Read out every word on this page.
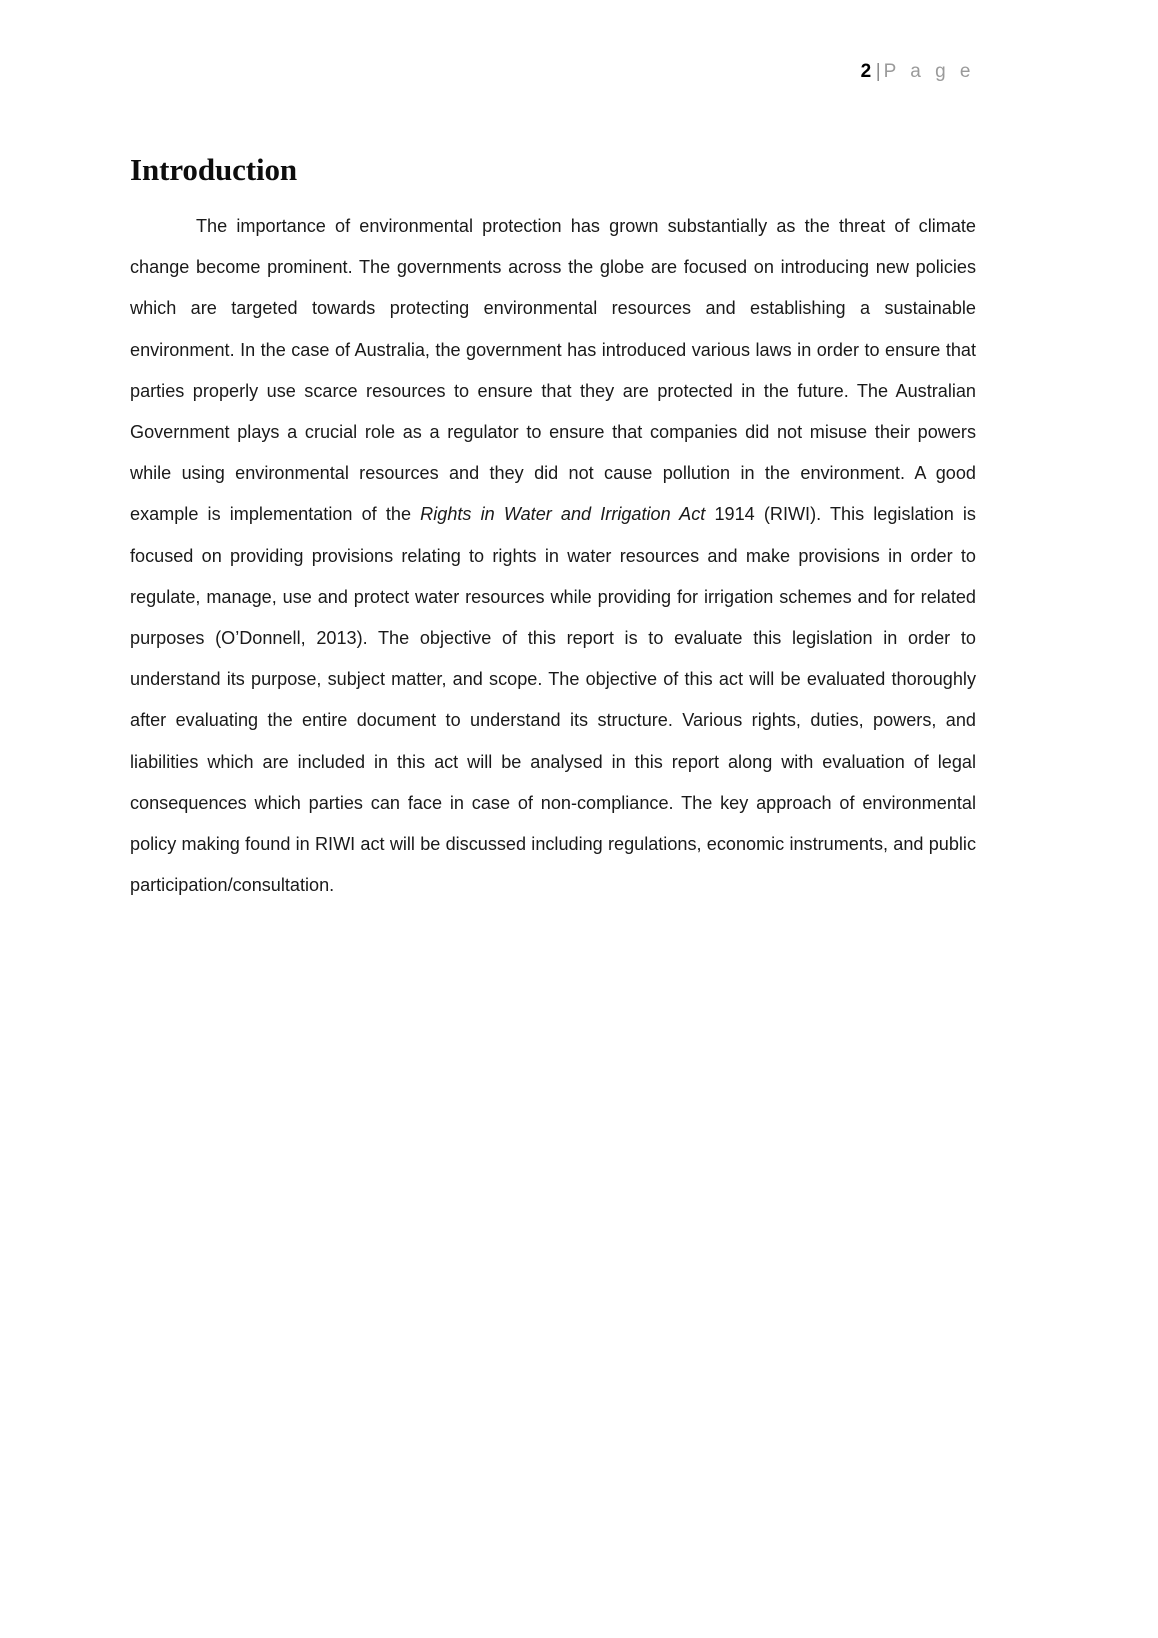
2 | P a g e
Introduction

The importance of environmental protection has grown substantially as the threat of climate change become prominent. The governments across the globe are focused on introducing new policies which are targeted towards protecting environmental resources and establishing a sustainable environment. In the case of Australia, the government has introduced various laws in order to ensure that parties properly use scarce resources to ensure that they are protected in the future. The Australian Government plays a crucial role as a regulator to ensure that companies did not misuse their powers while using environmental resources and they did not cause pollution in the environment. A good example is implementation of the Rights in Water and Irrigation Act 1914 (RIWI). This legislation is focused on providing provisions relating to rights in water resources and make provisions in order to regulate, manage, use and protect water resources while providing for irrigation schemes and for related purposes (O’Donnell, 2013). The objective of this report is to evaluate this legislation in order to understand its purpose, subject matter, and scope. The objective of this act will be evaluated thoroughly after evaluating the entire document to understand its structure. Various rights, duties, powers, and liabilities which are included in this act will be analysed in this report along with evaluation of legal consequences which parties can face in case of non-compliance. The key approach of environmental policy making found in RIWI act will be discussed including regulations, economic instruments, and public participation/consultation.
